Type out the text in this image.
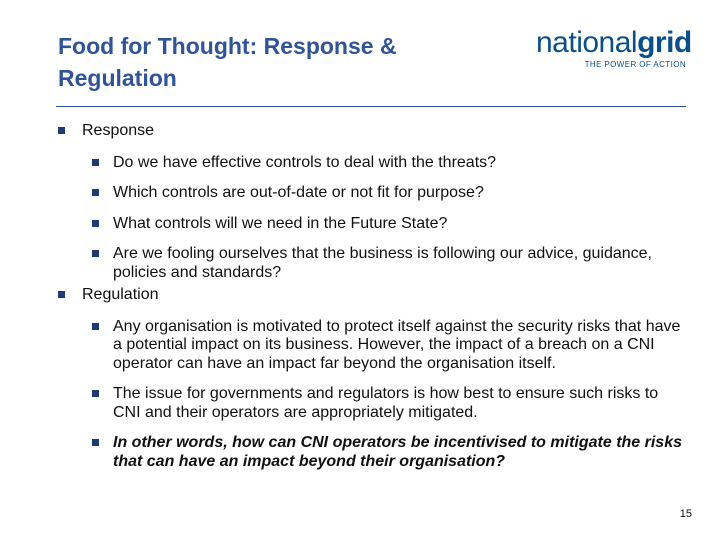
Food for Thought: Response & Regulation
nationalgrid
THE POWER OF ACTION
Response
Do we have effective controls to deal with the threats?
Which controls are out-of-date or not fit for purpose?
What controls will we need in the Future State?
Are we fooling ourselves that the business is following our advice, guidance, policies and standards?
Regulation
Any organisation is motivated to protect itself against the security risks that have a potential impact on its business. However, the impact of a breach on a CNI operator can have an impact far beyond the organisation itself.
The issue for governments and regulators is how best to ensure such risks to CNI and their operators are appropriately mitigated.
In other words, how can CNI operators be incentivised to mitigate the risks that can have an impact beyond their organisation?
15
